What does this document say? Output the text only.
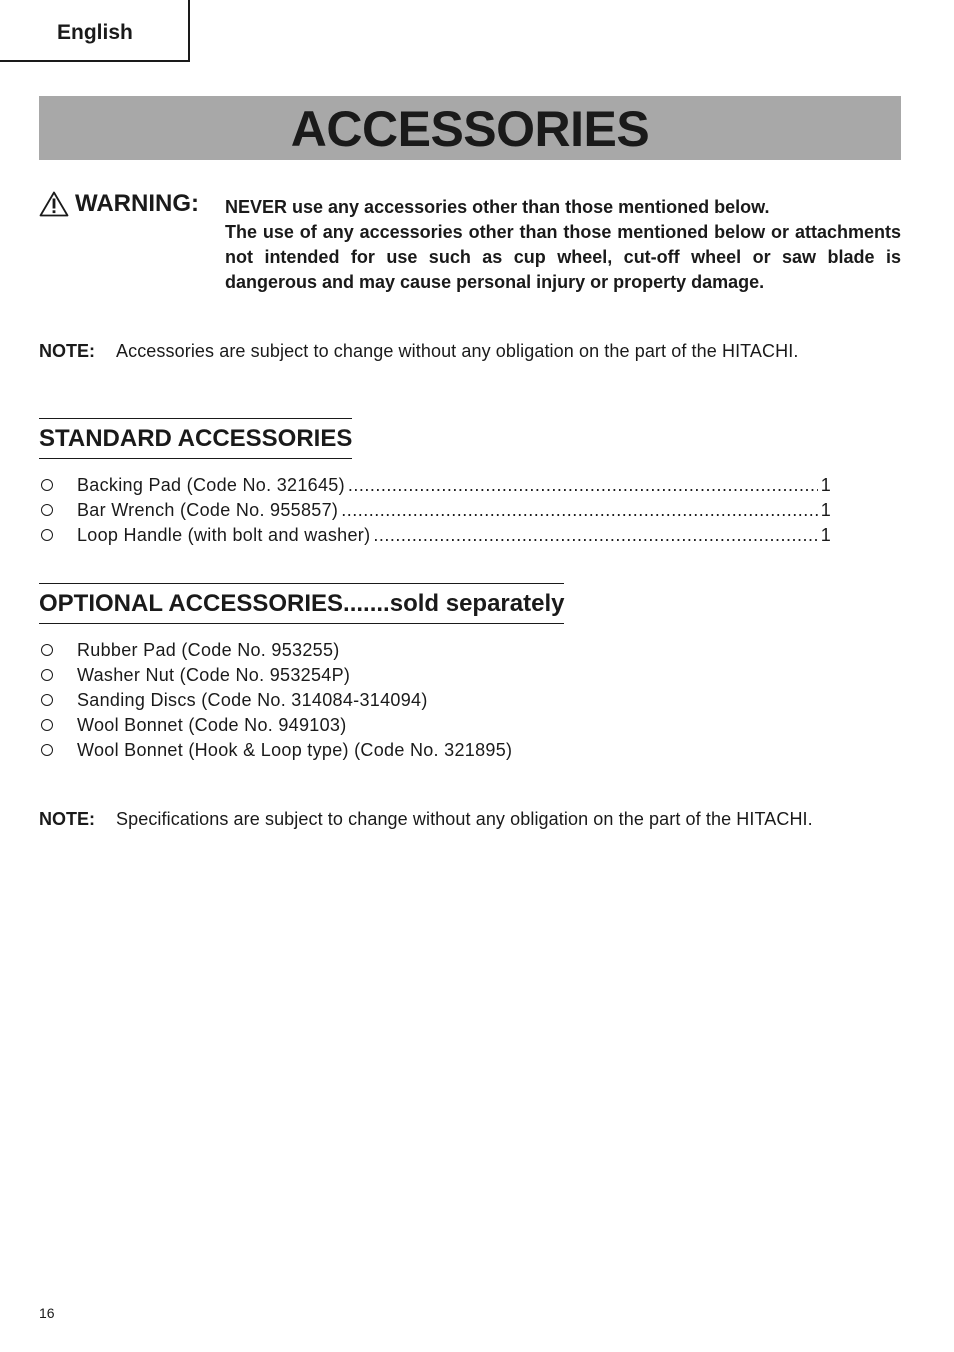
English
ACCESSORIES
WARNING: NEVER use any accessories other than those mentioned below.

The use of any accessories other than those mentioned below or attachments not intended for use such as cup wheel, cut-off wheel or saw blade is dangerous and may cause personal injury or property damage.

NOTE: Accessories are subject to change without any obligation on the part of the HITACHI.
STANDARD ACCESSORIES
Backing Pad (Code No. 321645) .....	1
Bar Wrench (Code No. 955857) .....	1
Loop Handle (with bolt and washer) .....	1
OPTIONAL ACCESSORIES.......sold separately
Rubber Pad (Code No. 953255)
Washer Nut (Code No. 953254P)
Sanding Discs (Code No. 314084-314094)
Wool Bonnet (Code No. 949103)
Wool Bonnet (Hook & Loop type) (Code No. 321895)
NOTE: Specifications are subject to change without any obligation on the part of the HITACHI.
16
